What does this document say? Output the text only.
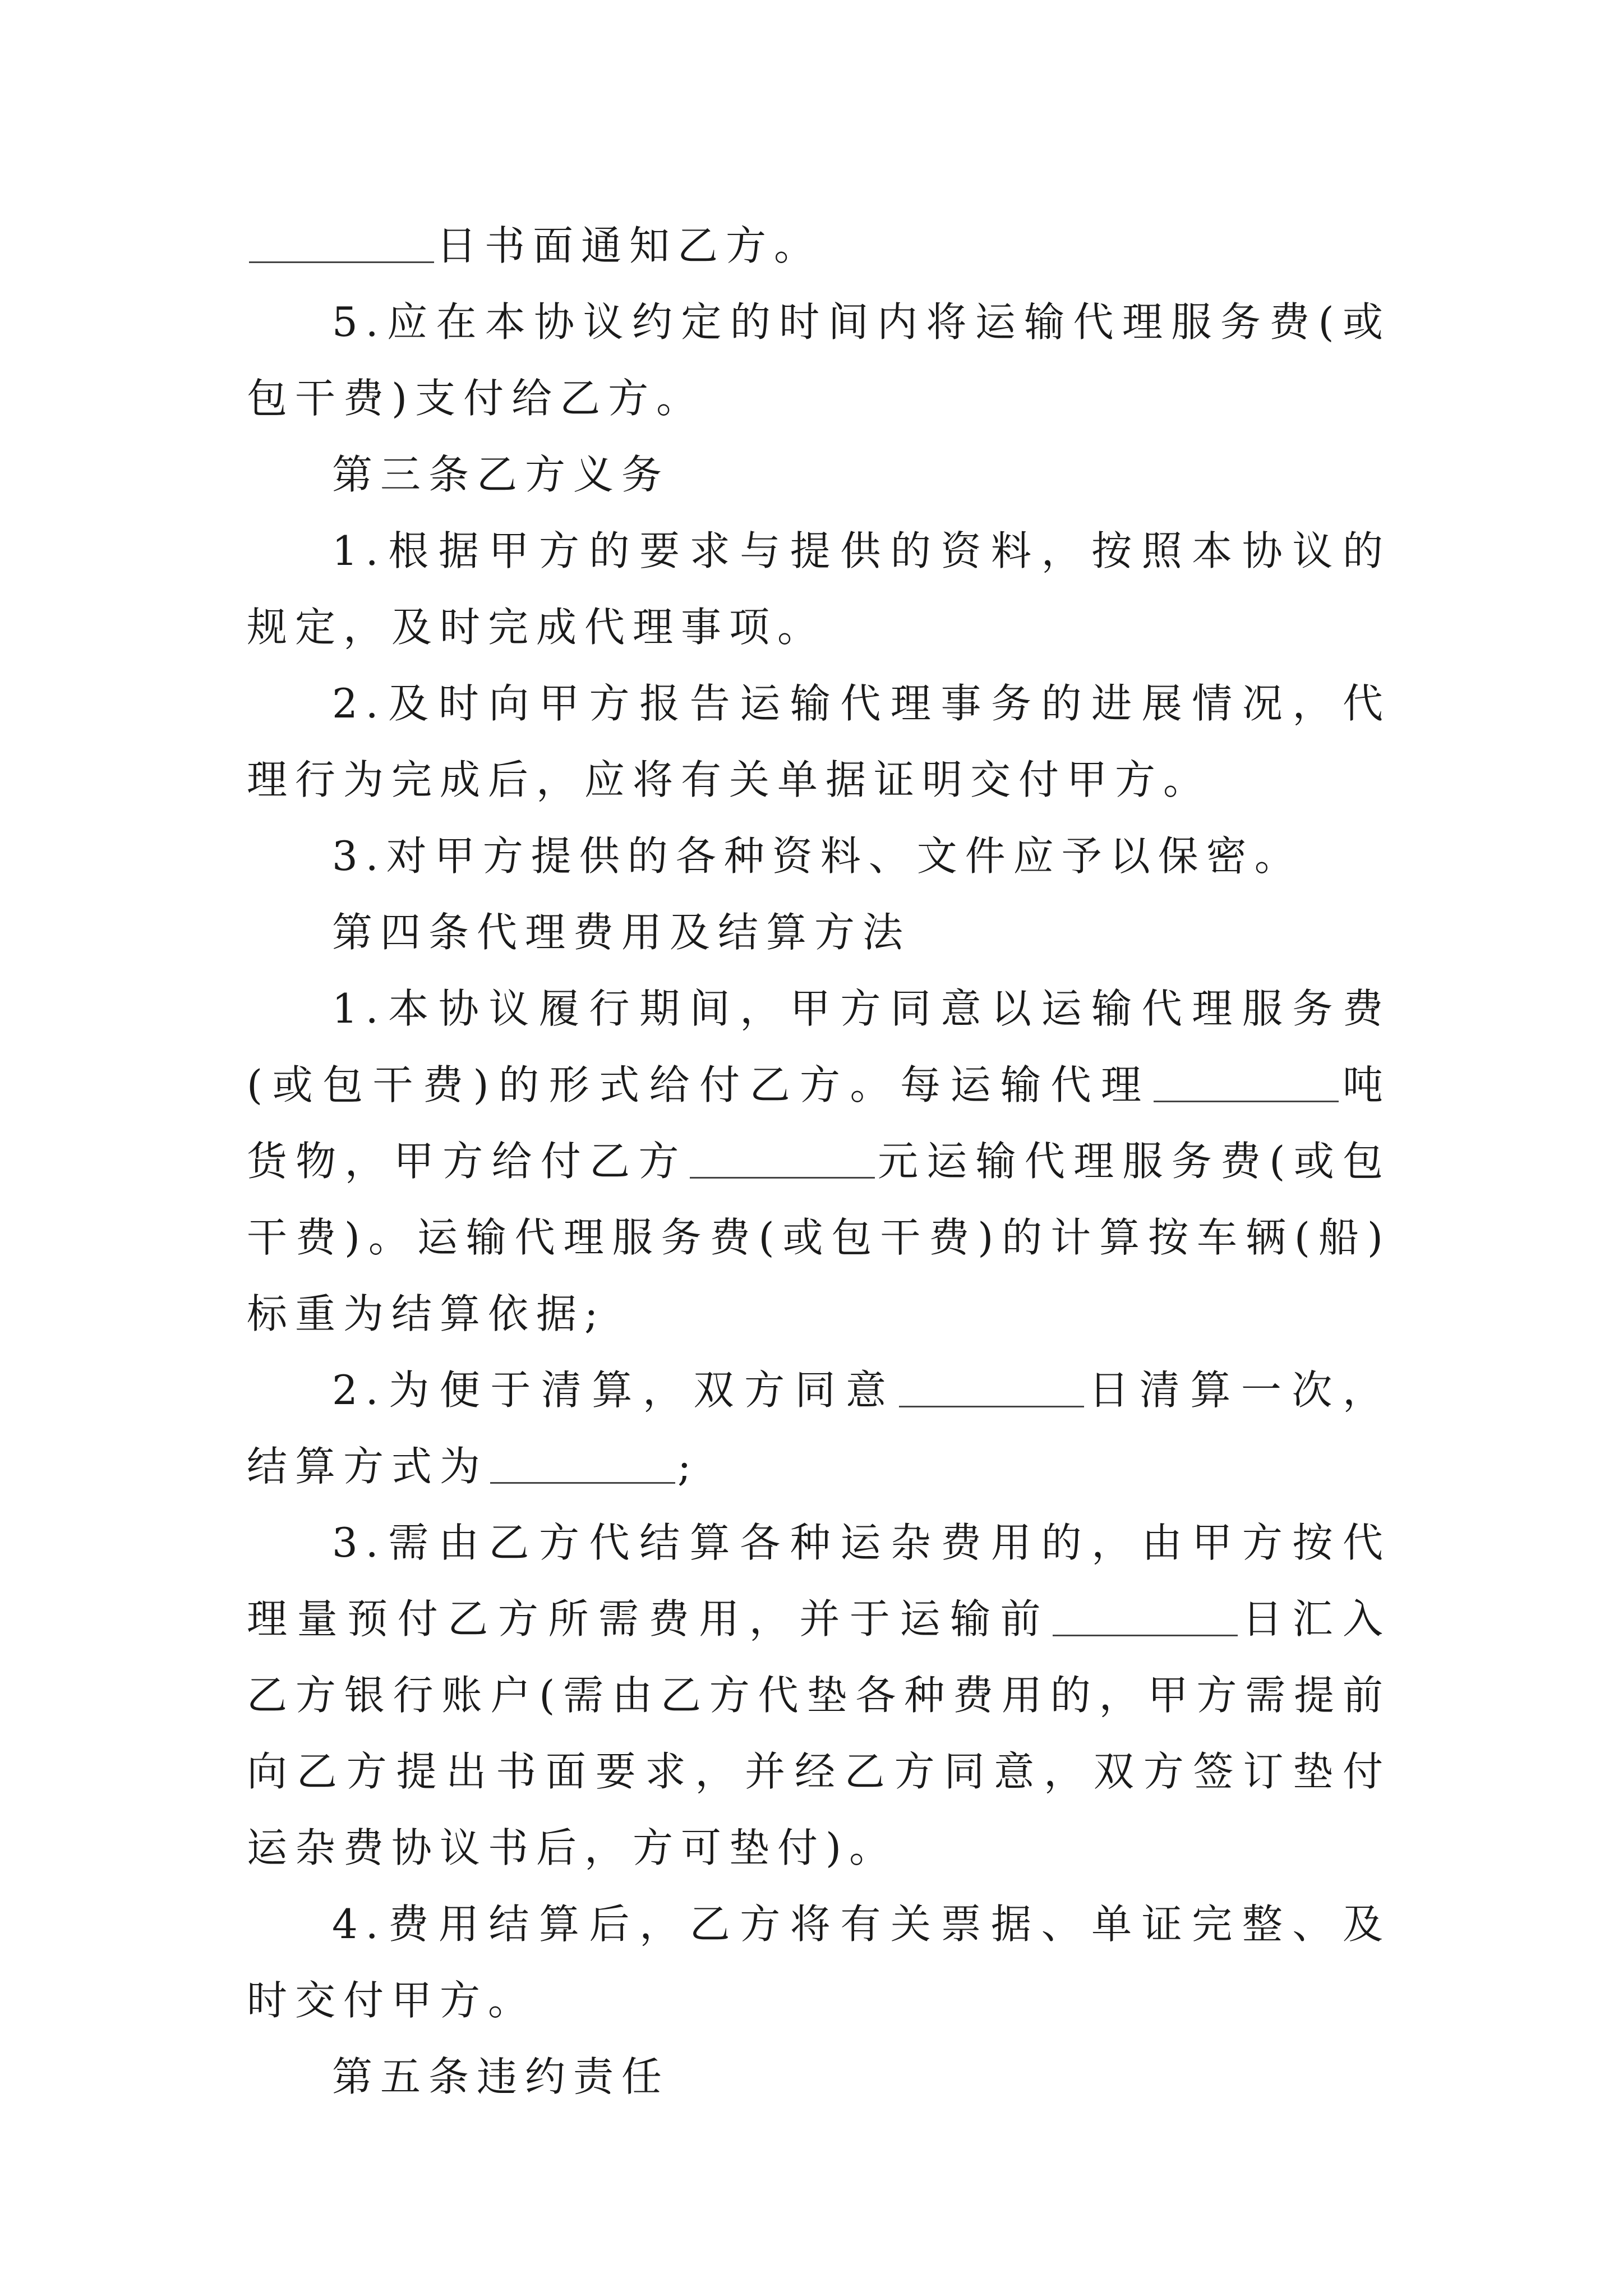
日书面通知乙方。

5.应在本协议约定的时间内将运输代理服务费(或包干费)支付给乙方。

第三条乙方义务

1.根据甲方的要求与提供的资料，按照本协议的规定，及时完成代理事项。

2.及时向甲方报告运输代理事务的进展情况，代理行为完成后，应将有关单据证明交付甲方。

3.对甲方提供的各种资料、文件应予以保密。

第四条代理费用及结算方法

1.本协议履行期间，甲方同意以运输代理服务费(或包干费)的形式给付乙方。每运输代理	吨货物，甲方给付乙方	元运输代理服务费(或包干费)。运输代理服务费(或包干费)的计算按车辆(船)标重为结算依据;

2.为便于清算，双方同意	日清算一次，结算方式为	;

3.需由乙方代结算各种运杂费用的，由甲方按代理量预付乙方所需费用，并于运输前	日汇入乙方银行账户(需由乙方代垫各种费用的，甲方需提前向乙方提出书面要求，并经乙方同意，双方签订垫付运杂费协议书后，方可垫付)。

4.费用结算后，乙方将有关票据、单证完整、及时交付甲方。

第五条违约责任
